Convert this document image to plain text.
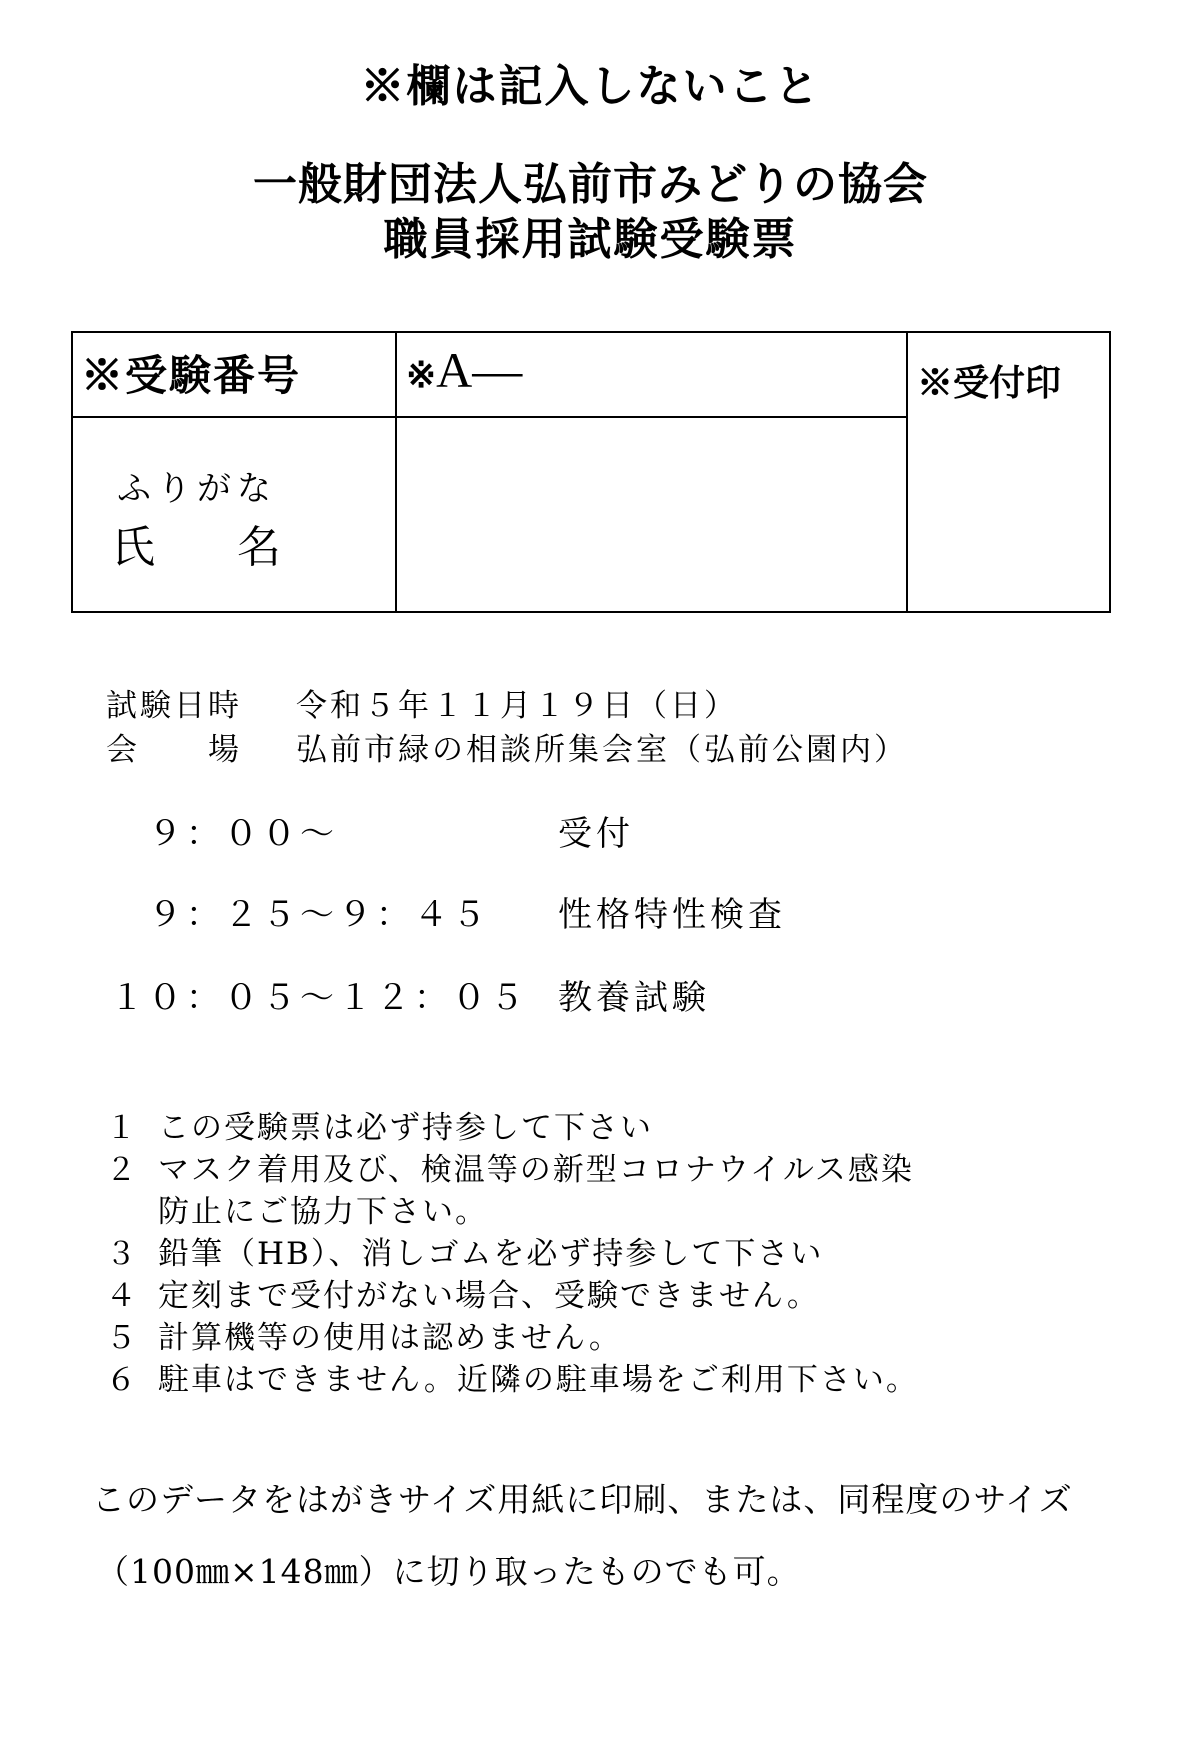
※欄は記入しないこと
一般財団法人弘前市みどりの協会
職員採用試験受験票
※受験番号	※A—	※受付印
ふりがな
氏 名
試験日時 令和５年１１月１９日（日）
会　　場 弘前市緑の相談所集会室（弘前公園内）
９：００～	受付
９：２５～９：４５ 性格特性検査
１０：０５～１２：０５ 教養試験
１ この受験票は必ず持参して下さい
２ マスク着用及び、検温等の新型コロナウイルス感染
防止にご協力下さい。
３ 鉛筆（HB）、消しゴムを必ず持参して下さい
４ 定刻まで受付がない場合、受験できません。
５ 計算機等の使用は認めません。
６ 駐車はできません。近隣の駐車場をご利用下さい。
このデータをはがきサイズ用紙に印刷、または、同程度のサイズ
（100㎜×148㎜）に切り取ったものでも可。
